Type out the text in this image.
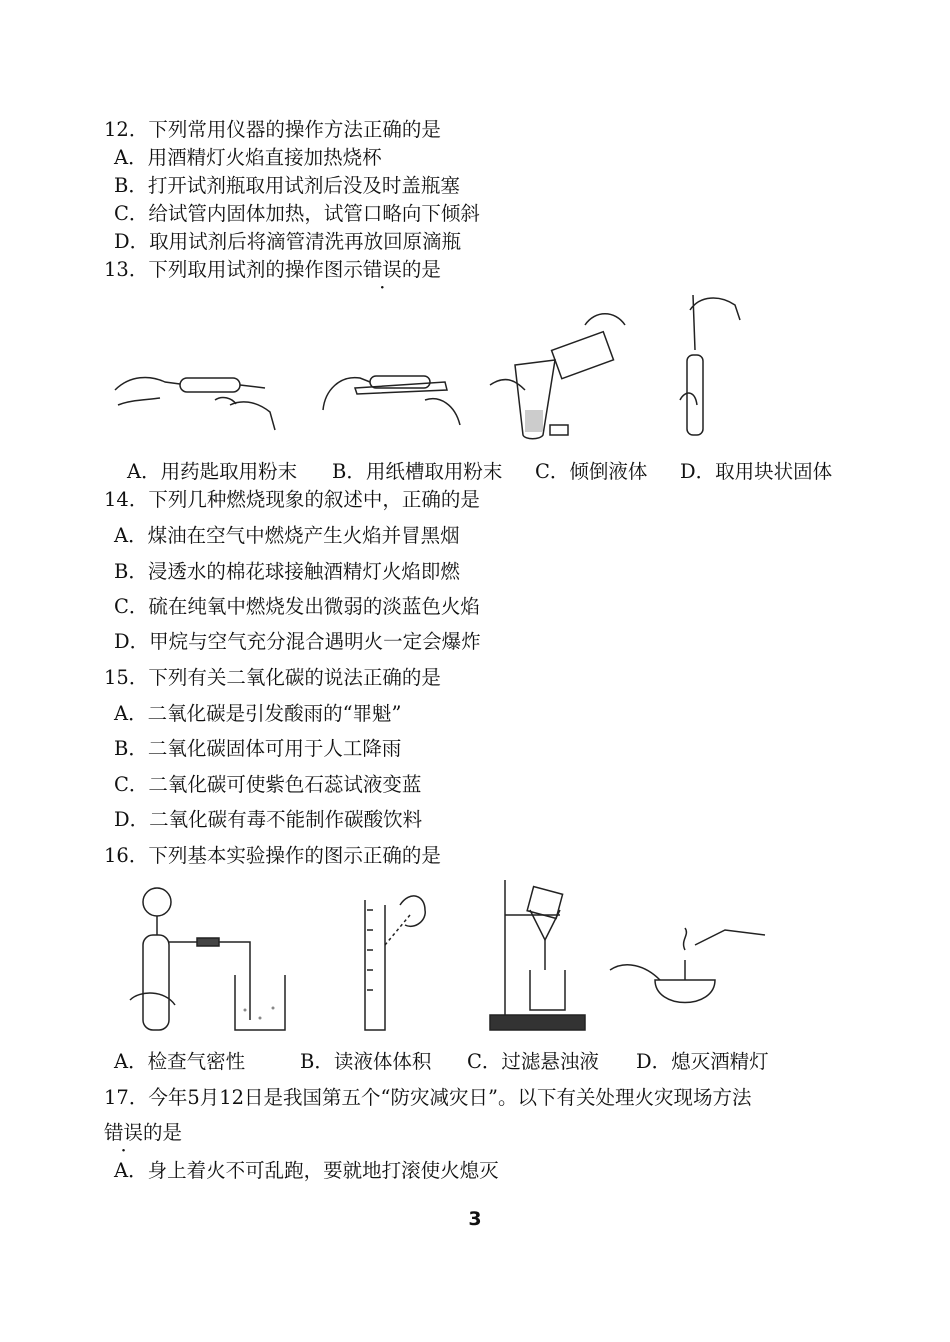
12．下列常用仪器的操作方法正确的是
A．用酒精灯火焰直接加热烧杯
B．打开试剂瓶取用试剂后没及时盖瓶塞
C．给试管内固体加热，试管口略向下倾斜
D．取用试剂后将滴管清洗再放回原滴瓶
13．下列取用试剂的操作图示错误的是
A．用药匙取用粉末 B．用纸槽取用粉末 C．倾倒液体 D．取用块状固体
14．下列几种燃烧现象的叙述中，正确的是
A．煤油在空气中燃烧产生火焰并冒黑烟
B．浸透水的棉花球接触酒精灯火焰即燃
C．硫在纯氧中燃烧发出微弱的淡蓝色火焰
D．甲烷与空气充分混合遇明火一定会爆炸
15．下列有关二氧化碳的说法正确的是
A．二氧化碳是引发酸雨的“罪魁”
B．二氧化碳固体可用于人工降雨
C．二氧化碳可使紫色石蕊试液变蓝
D．二氧化碳有毒不能制作碳酸饮料
16．下列基本实验操作的图示正确的是
A．检查气密性	B．读液体体积 C．过滤悬浊液 D．熄灭酒精灯
17．今年5月12日是我国第五个“防灾减灾日”。以下有关处理火灾现场方法
错误的是
A．身上着火不可乱跑，要就地打滚使火熄灭
3
